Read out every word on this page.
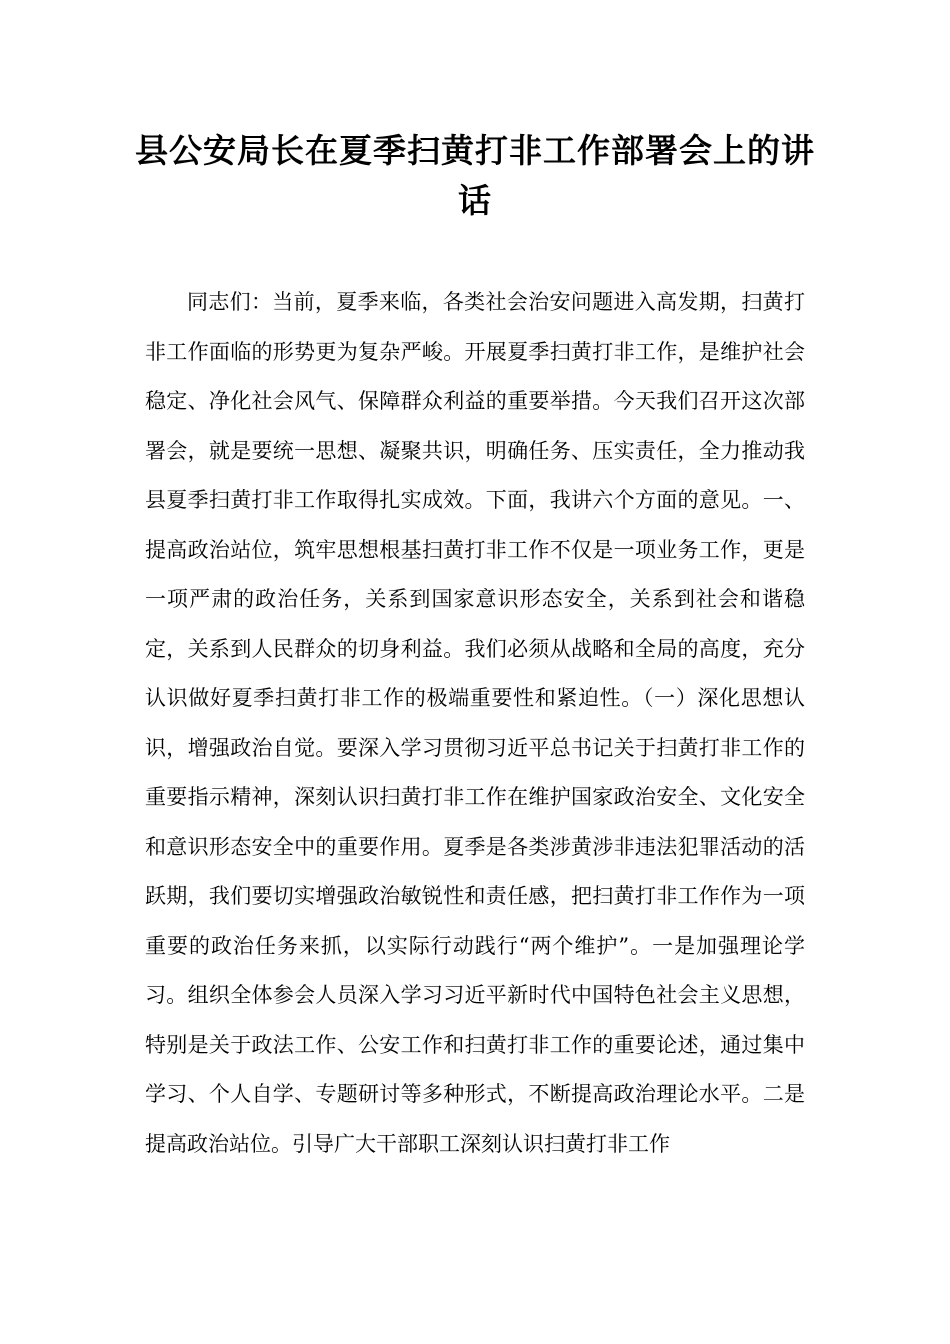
县公安局长在夏季扫黄打非工作部署会上的讲话

同志们：当前，夏季来临，各类社会治安问题进入高发期，扫黄打非工作面临的形势更为复杂严峻。开展夏季扫黄打非工作，是维护社会稳定、净化社会风气、保障群众利益的重要举措。今天我们召开这次部署会，就是要统一思想、凝聚共识，明确任务、压实责任，全力推动我县夏季扫黄打非工作取得扎实成效。下面，我讲六个方面的意见。一、提高政治站位，筑牢思想根基扫黄打非工作不仅是一项业务工作，更是一项严肃的政治任务，关系到国家意识形态安全，关系到社会和谐稳定，关系到人民群众的切身利益。我们必须从战略和全局的高度，充分认识做好夏季扫黄打非工作的极端重要性和紧迫性。（一）深化思想认识，增强政治自觉。要深入学习贯彻习近平总书记关于扫黄打非工作的重要指示精神，深刻认识扫黄打非工作在维护国家政治安全、文化安全和意识形态安全中的重要作用。夏季是各类涉黄涉非违法犯罪活动的活跃期，我们要切实增强政治敏锐性和责任感，把扫黄打非工作作为一项重要的政治任务来抓，以实际行动践行“两个维护”。一是加强理论学习。组织全体参会人员深入学习习近平新时代中国特色社会主义思想，特别是关于政法工作、公安工作和扫黄打非工作的重要论述，通过集中学习、个人自学、专题研讨等多种形式，不断提高政治理论水平。二是提高政治站位。引导广大干部职工深刻认识扫黄打非工作
